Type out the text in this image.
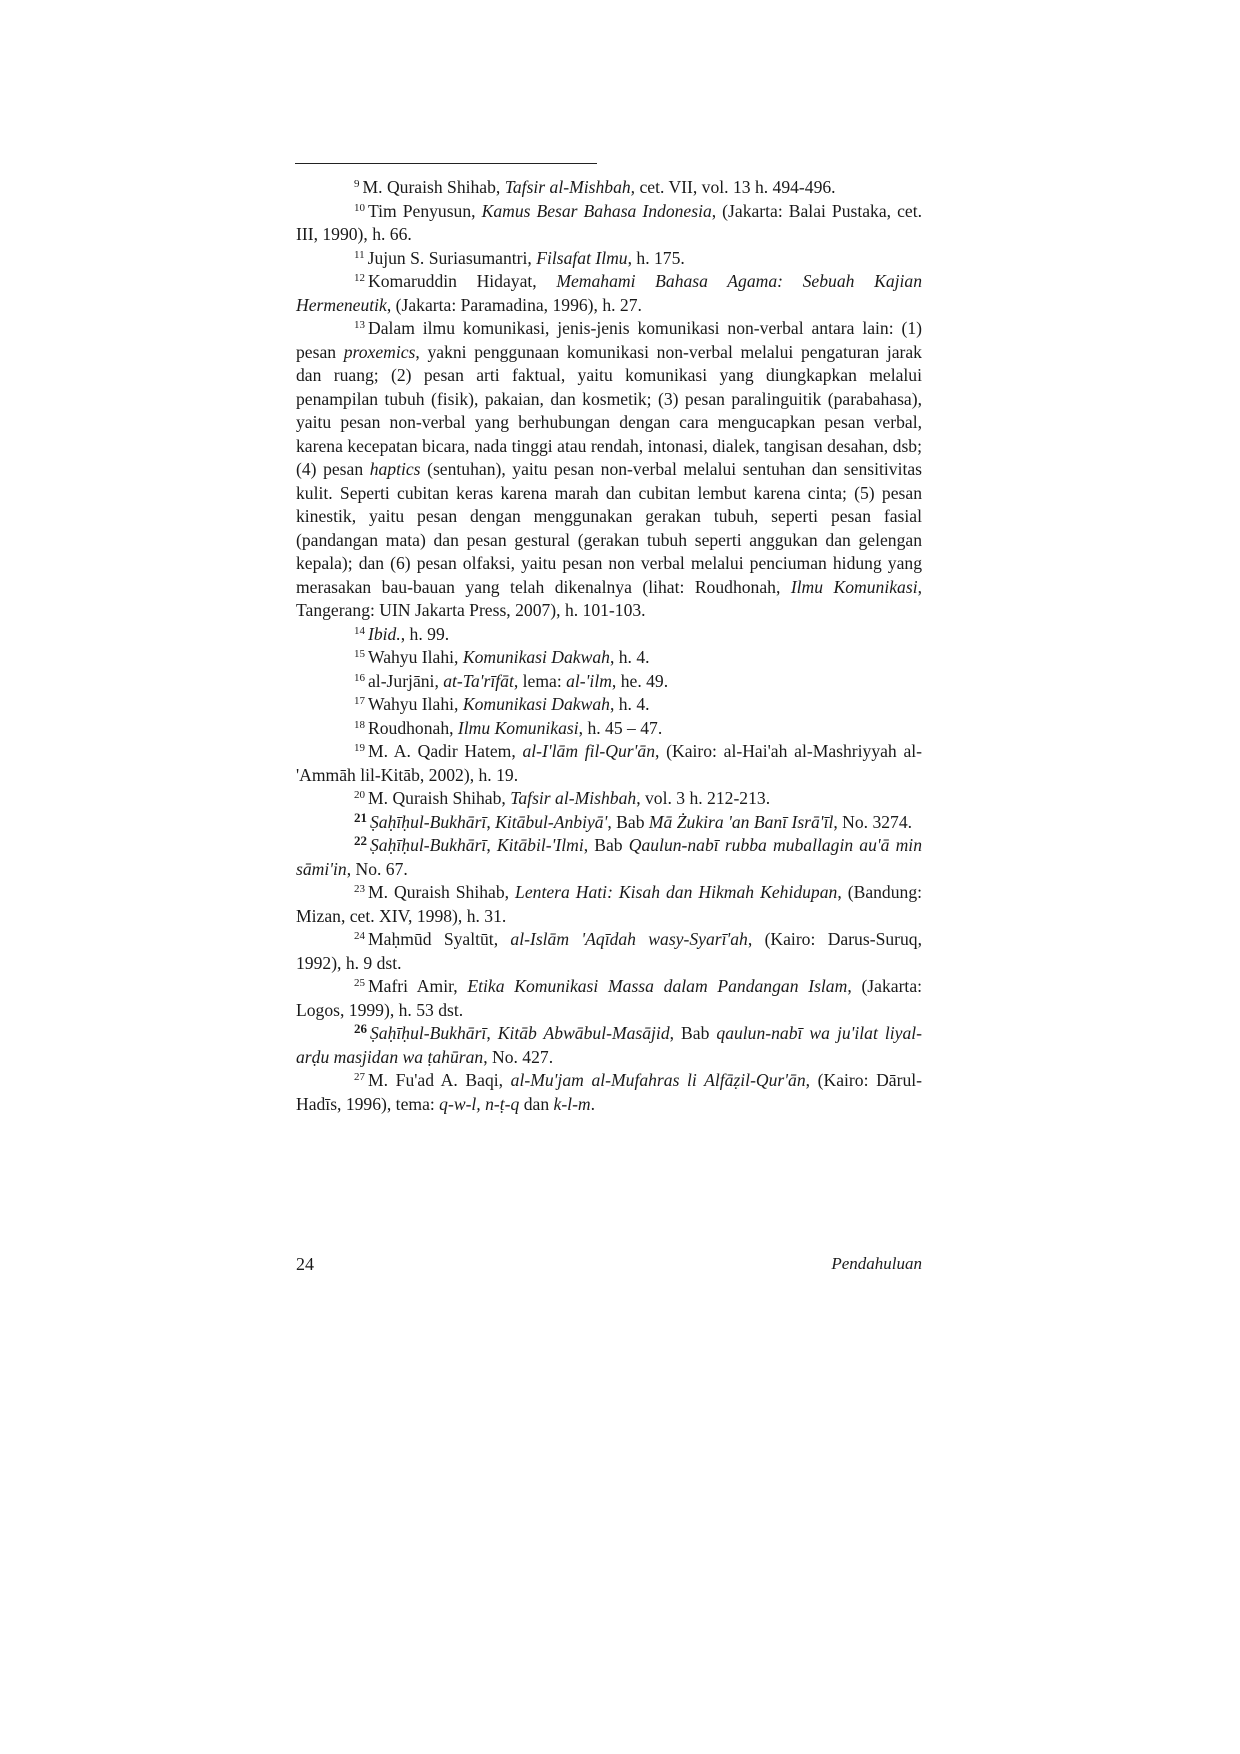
$^9$ M. Quraish Shihab, Tafsir al-Mishbah, cet. VII, vol. 13 h. 494-496.

$^{10}$ Tim Penyusun, Kamus Besar Bahasa Indonesia, (Jakarta: Balai Pustaka, cet. III, 1990), h. 66.

$^{11}$ Jujun S. Suriasumantri, Filsafat Ilmu, h. 175.

$^{12}$ Komaruddin Hidayat, Memahami Bahasa Agama: Sebuah Kajian Hermeneutik, (Jakarta: Paramadina, 1996), h. 27.

$^{13}$ Dalam ilmu komunikasi, jenis-jenis komunikasi non-verbal antara lain: (1) pesan proxemics, yakni penggunaan komunikasi non-verbal melalui pengaturan jarak dan ruang; (2) pesan arti faktual, yaitu komunikasi yang diungkapkan melalui penampilan tubuh (fisik), pakaian, dan kosmetik; (3) pesan paralinguitik (parabahasa), yaitu pesan non-verbal yang berhubungan dengan cara mengucapkan pesan verbal, karena kecepatan bicara, nada tinggi atau rendah, intonasi, dialek, tangisan desahan, dsb; (4) pesan haptics (sentuhan), yaitu pesan non-verbal melalui sentuhan dan sensitivitas kulit. Seperti cubitan keras karena marah dan cubitan lembut karena cinta; (5) pesan kinestik, yaitu pesan dengan menggunakan gerakan tubuh, seperti pesan fasial (pandangan mata) dan pesan gestural (gerakan tubuh seperti anggukan dan gelengan kepala); dan (6) pesan olfaksi, yaitu pesan non verbal melalui penciuman hidung yang merasakan bau-bauan yang telah dikenalnya (lihat: Roudhonah, Ilmu Komunikasi, Tangerang: UIN Jakarta Press, 2007), h. 101-103.

$^{14}$ Ibid., h. 99.

$^{15}$ Wahyu Ilahi, Komunikasi Dakwah, h. 4.

$^{16}$ al-Jurjāni, at-Ta'rīfāt, lema: al-'ilm, he. 49.

$^{17}$ Wahyu Ilahi, Komunikasi Dakwah, h. 4.

$^{18}$ Roudhonah, Ilmu Komunikasi, h. 45 – 47.

$^{19}$ M. A. Qadir Hatem, al-I'lām fil-Qur'ān, (Kairo: al-Hai'ah al-Mashriyyah al-'Ammāh lil-Kitāb, 2002), h. 19.

$^{20}$ M. Quraish Shihab, Tafsir al-Mishbah, vol. 3 h. 212-213.

$^{21}$ Ṣaḥīḥul-Bukhārī, Kitābul-Anbiyā', Bab Mā Żukira 'an Banī Isrā'īl, No. 3274.

$^{22}$ Ṣaḥīḥul-Bukhārī, Kitābil-'Ilmi, Bab Qaulun-nabī rubba muballagin au'ā min sāmi'in, No. 67.

$^{23}$ M. Quraish Shihab, Lentera Hati: Kisah dan Hikmah Kehidupan, (Bandung: Mizan, cet. XIV, 1998), h. 31.

$^{24}$ Maḥmūd Syaltūt, al-Islām 'Aqīdah wasy-Syarī'ah, (Kairo: Darus-Suruq, 1992), h. 9 dst.

$^{25}$ Mafri Amir, Etika Komunikasi Massa dalam Pandangan Islam, (Jakarta: Logos, 1999), h. 53 dst.

$^{26}$ Ṣaḥīḥul-Bukhārī, Kitāb Abwābul-Masājid, Bab qaulun-nabī wa ju'ilat liyal-arḍu masjidan wa ṭahūran, No. 427.

$^{27}$ M. Fu'ad A. Baqi, al-Mu'jam al-Mufahras li Alfāẓil-Qur'ān, (Kairo: Dārul-Hadīs, 1996), tema: q-w-l, n-ṭ-q dan k-l-m.

24	Pendahuluan
